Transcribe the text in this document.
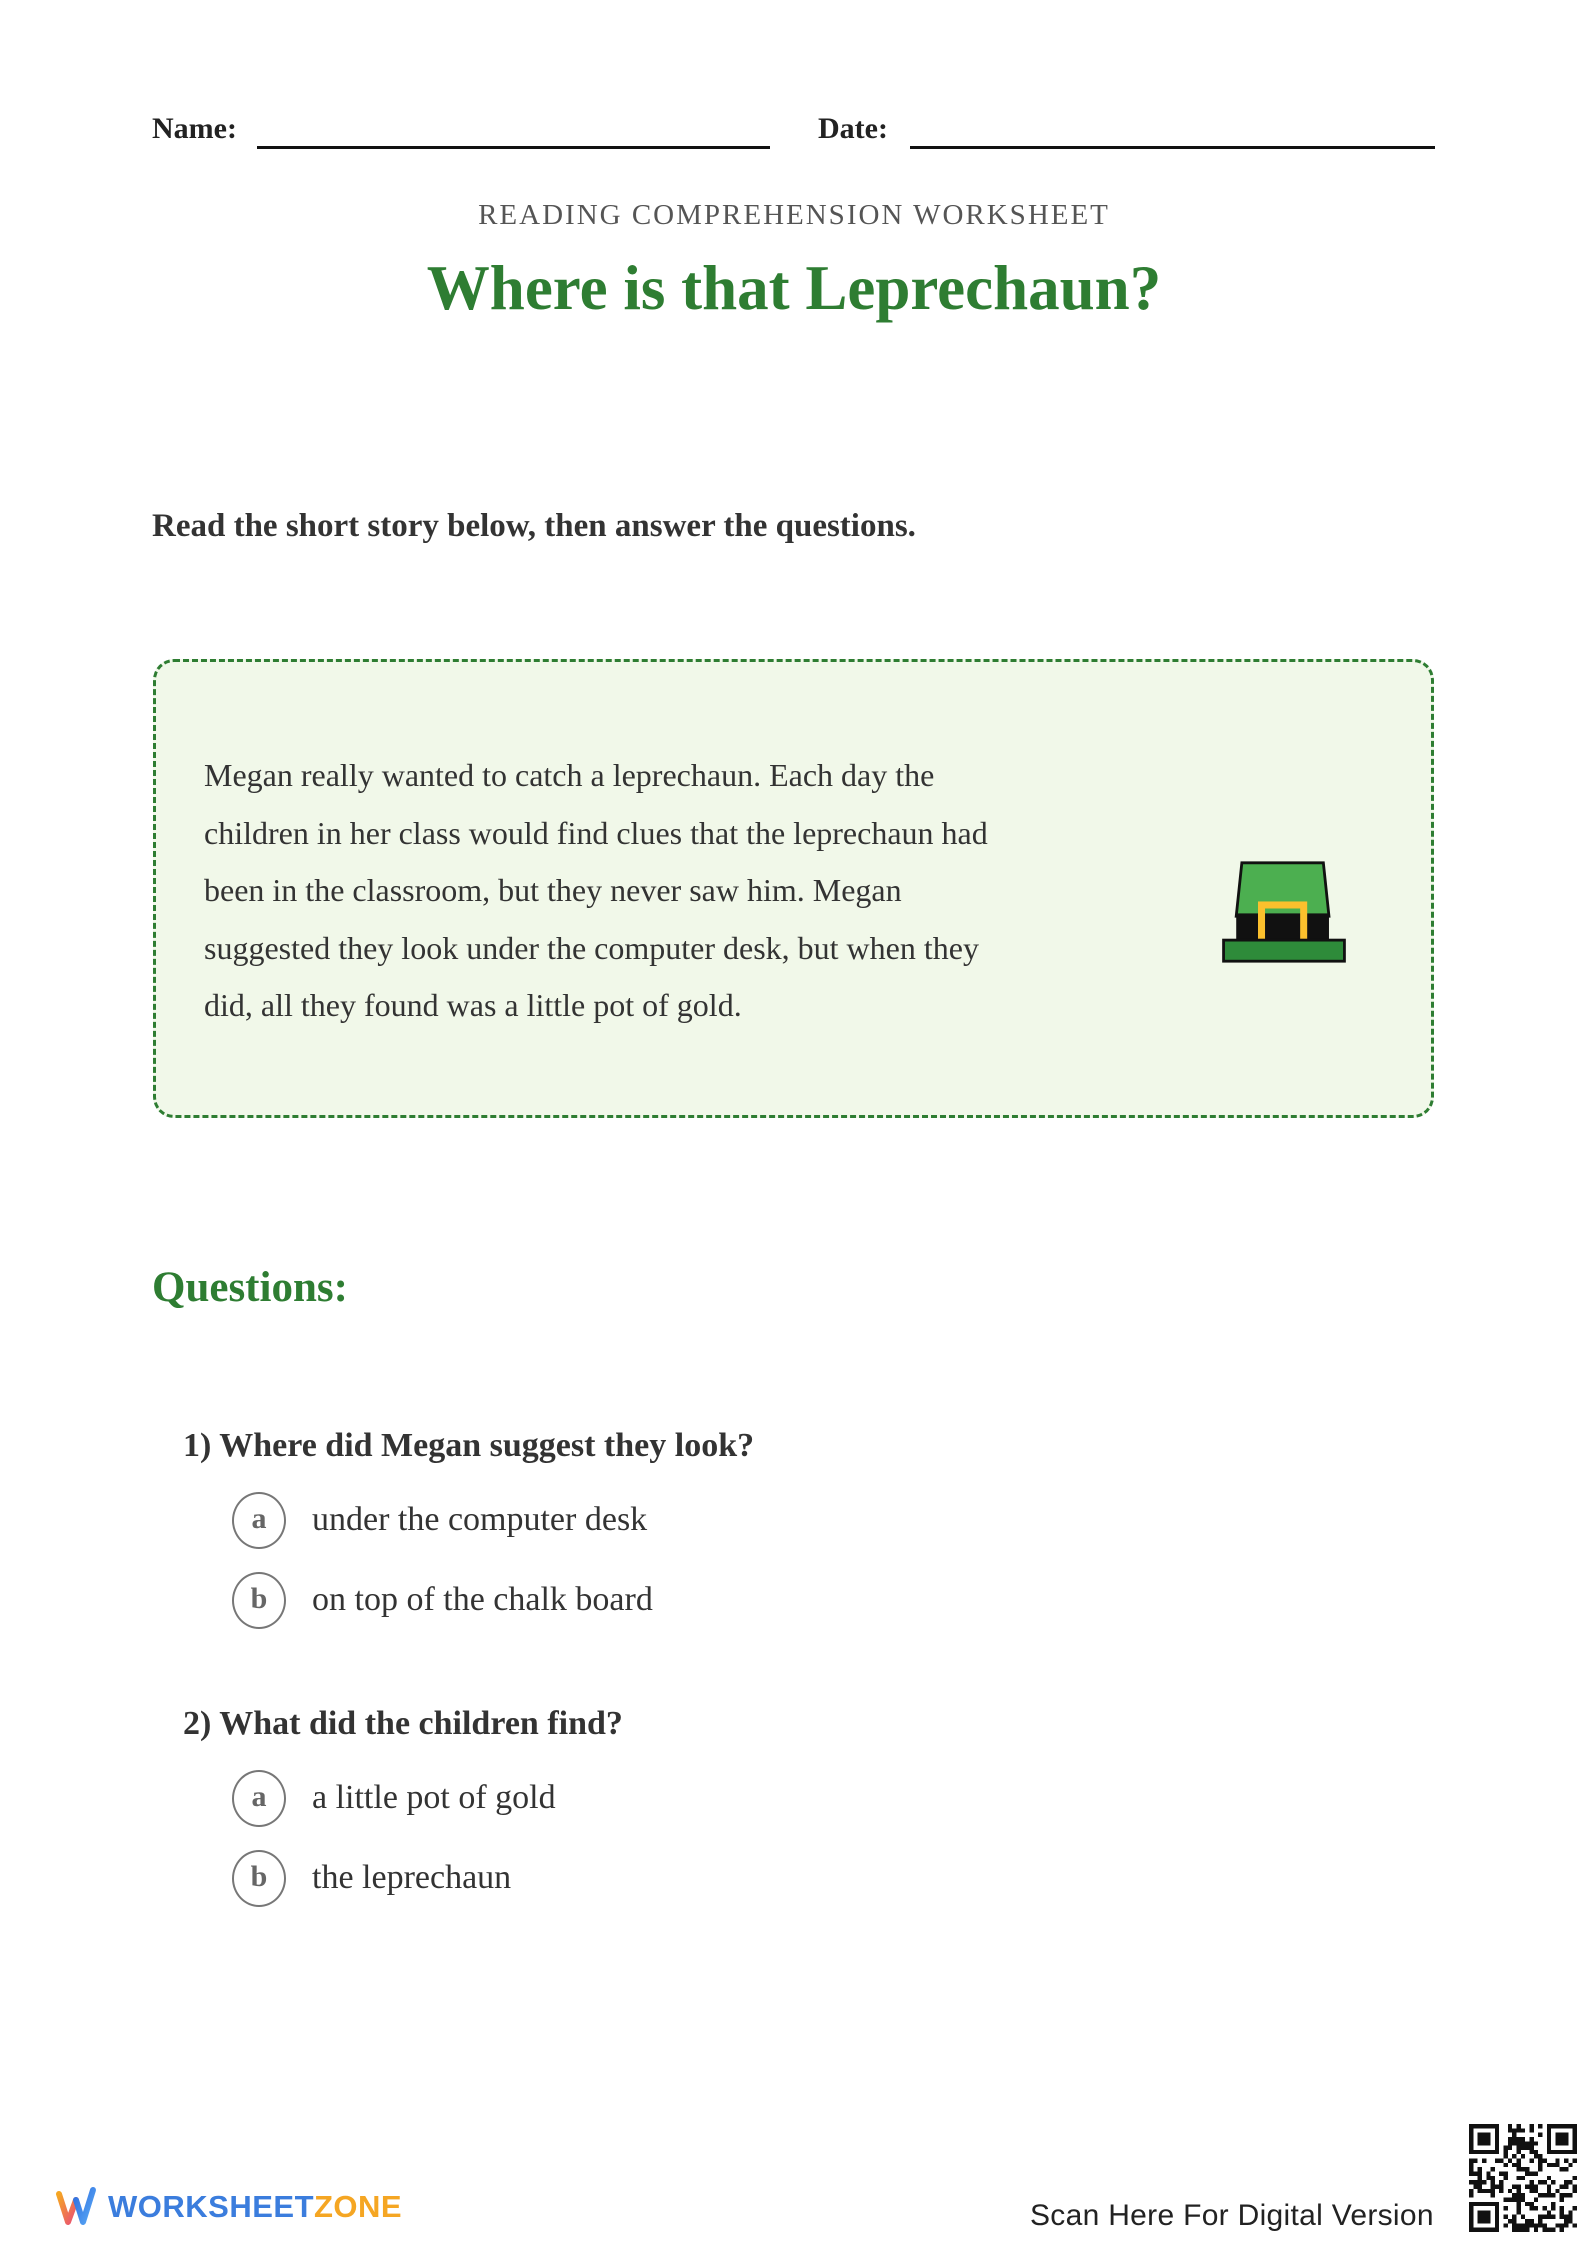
Name:	Date:
READING COMPREHENSION WORKSHEET
Where is that Leprechaun?
Read the short story below, then answer the questions.
Megan really wanted to catch a leprechaun. Each day the
children in her class would find clues that the leprechaun had
been in the classroom, but they never saw him. Megan
suggested they look under the computer desk, but when they
did, all they found was a little pot of gold.
Questions:
1) Where did Megan suggest they look?
a	under the computer desk
b	on top of the chalk board
2) What did the children find?
a	a little pot of gold
b	the leprechaun
WORKSHEETZONE	Scan Here For Digital Version
